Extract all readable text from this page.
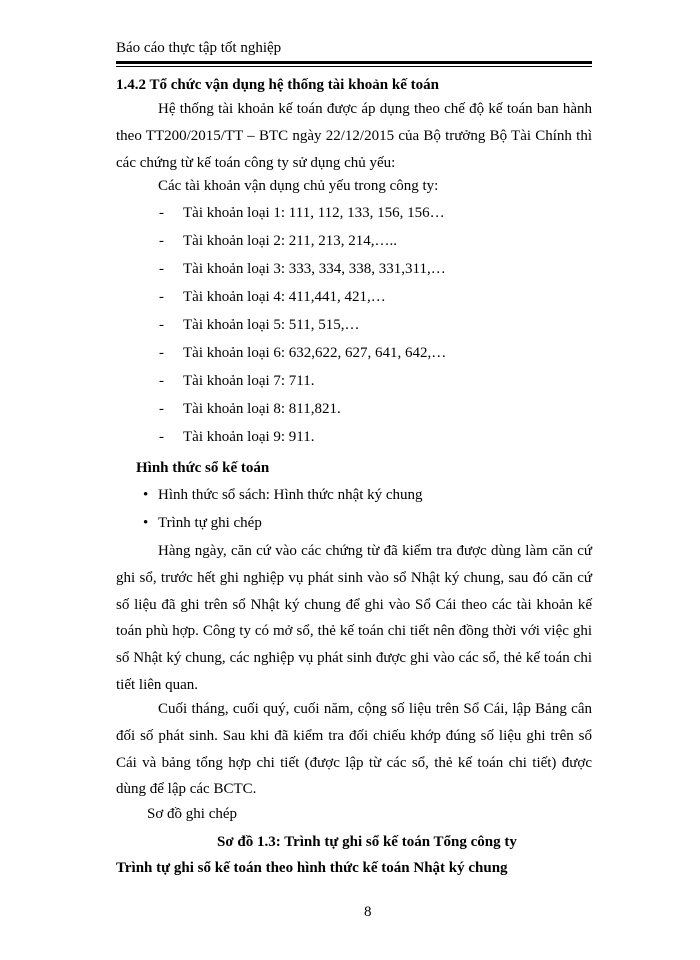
Báo cáo thực tập tốt nghiệp
1.4.2 Tổ chức vận dụng hệ thống tài khoản kế toán
Hệ thống tài khoản kế toán được áp dụng theo chế độ kế toán ban hành theo TT200/2015/TT – BTC ngày 22/12/2015 của Bộ trưởng Bộ Tài Chính thì các chứng từ kế toán công ty sử dụng chủ yếu:
Các tài khoản vận dụng chủ yếu trong công ty:
- Tài khoản loại 1: 111, 112, 133, 156, 156…
- Tài khoản loại 2: 211, 213, 214,…..
- Tài khoản loại 3: 333, 334, 338, 331,311,…
- Tài khoản loại 4: 411,441, 421,…
- Tài khoản loại 5: 511, 515,…
- Tài khoản loại 6: 632,622, 627, 641, 642,…
- Tài khoản loại 7: 711.
- Tài khoản loại 8: 811,821.
- Tài khoản loại 9: 911.
Hình thức sổ kế toán
• Hình thức sổ sách: Hình thức nhật ký chung
• Trình tự ghi chép
Hàng ngày, căn cứ vào các chứng từ đã kiểm tra được dùng làm căn cứ ghi sổ, trước hết ghi nghiệp vụ phát sinh vào sổ Nhật ký chung, sau đó căn cứ số liệu đã ghi trên sổ Nhật ký chung để ghi vào Sổ Cái theo các tài khoản kế toán phù hợp. Công ty có mở sổ, thẻ kế toán chi tiết nên đồng thời với việc ghi sổ Nhật ký chung, các nghiệp vụ phát sinh được ghi vào các sổ, thẻ kế toán chi tiết liên quan.
Cuối tháng, cuối quý, cuối năm, cộng số liệu trên Sổ Cái, lập Bảng cân đối số phát sinh. Sau khi đã kiểm tra đối chiếu khớp đúng số liệu ghi trên sổ Cái và bảng tổng hợp chi tiết (được lập từ các sổ, thẻ kế toán chi tiết) được dùng để lập các BCTC.
Sơ đồ ghi chép
Sơ đồ 1.3: Trình tự ghi sổ kế toán Tổng công ty
Trình tự ghi sổ kế toán theo hình thức kế toán Nhật ký chung
8
